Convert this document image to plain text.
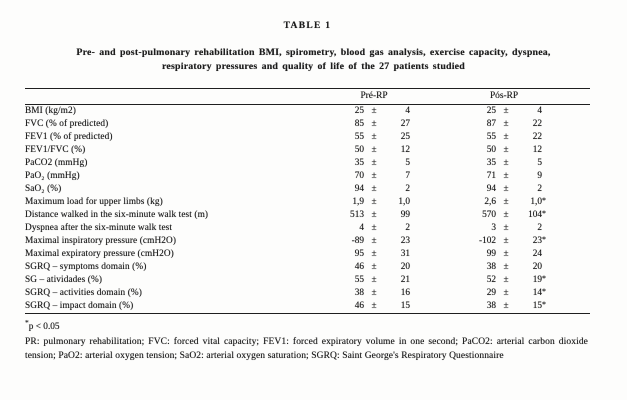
TABLE 1
Pre- and post-pulmonary rehabilitation BMI, spirometry, blood gas analysis, exercise capacity, dyspnea, respiratory pressures and quality of life of the 27 patients studied
	Pré-RP				Pós-RP			
BMI (kg/m2)	25	±	4		25	±	4	
FVC (% of predicted)	85	±	27		87	±	22	
FEV1 (% of predicted)	55	±	25		55	±	22	
FEV1/FVC (%)	50	±	12		50	±	12	
PaCO2 (mmHg)	35	±	5		35	±	5	
PaO₂ (mmHg)	70	±	7		71	±	9	
SaO₂ (%)	94	±	2		94	±	2	
Maximum load for upper limbs (kg)	1,9	±	1,0		2,6	±	1,0	*
Distance walked in the six-minute walk test (m)	513	±	99		570	±	104	*
Dyspnea after the six-minute walk test	4	±	2		3	±	2	
Maximal inspiratory pressure (cmH2O)	-89	±	23		-102	±	23	*
Maximal expiratory pressure (cmH2O)	95	±	31		99	±	24	
SGRQ – symptoms domain (%)	46	±	20		38	±	20	
SG – atividades (%)	55	±	21		52	±	19	*
SGRQ – activities domain (%)	38	±	16		29	±	14	*
SGRQ – impact domain (%)	46	±	15		38	±	15	*
*p < 0.05
PR: pulmonary rehabilitation; FVC: forced vital capacity; FEV1: forced expiratory volume in one second; PaCO2: arterial carbon dioxide tension; PaO2: arterial oxygen tension; SaO2: arterial oxygen saturation; SGRQ: Saint George's Respiratory Questionnaire
